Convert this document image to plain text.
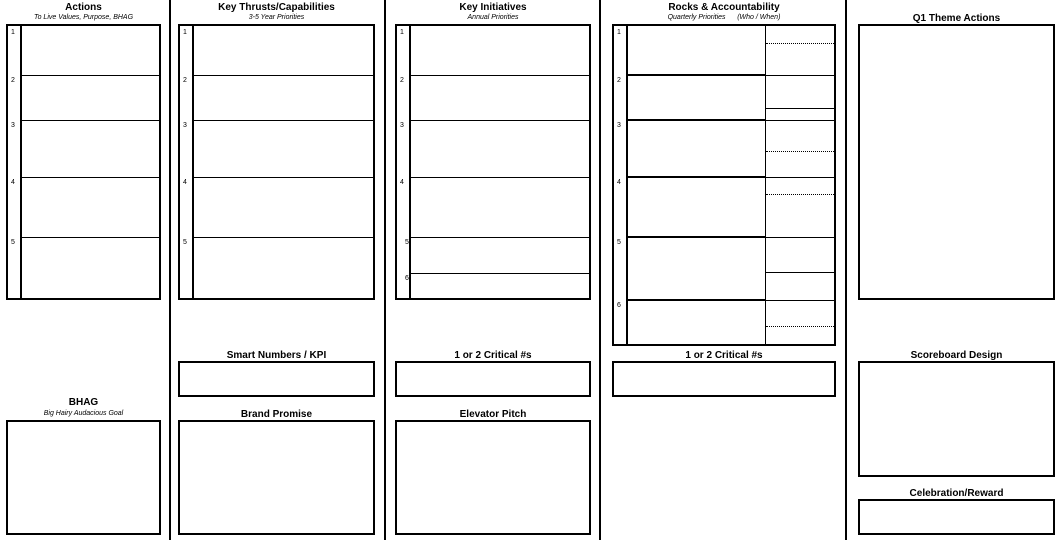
Actions
To Live Values, Purpose, BHAG
1
2
3
4
5
BHAG
Big Hairy Audacious Goal
Key Thrusts/Capabilities
3-5 Year Priorities
1
2
3
4
5
Smart Numbers / KPI
Brand Promise
Key Initiatives
Annual Priorities
1
2
3
4
5
6
1 or 2 Critical #s
Elevator Pitch
Rocks & Accountability
Quarterly Priorities      (Who / When)
1
2
3
4
5
6
1 or 2 Critical #s
Q1 Theme Actions
Scoreboard Design
Celebration/Reward
